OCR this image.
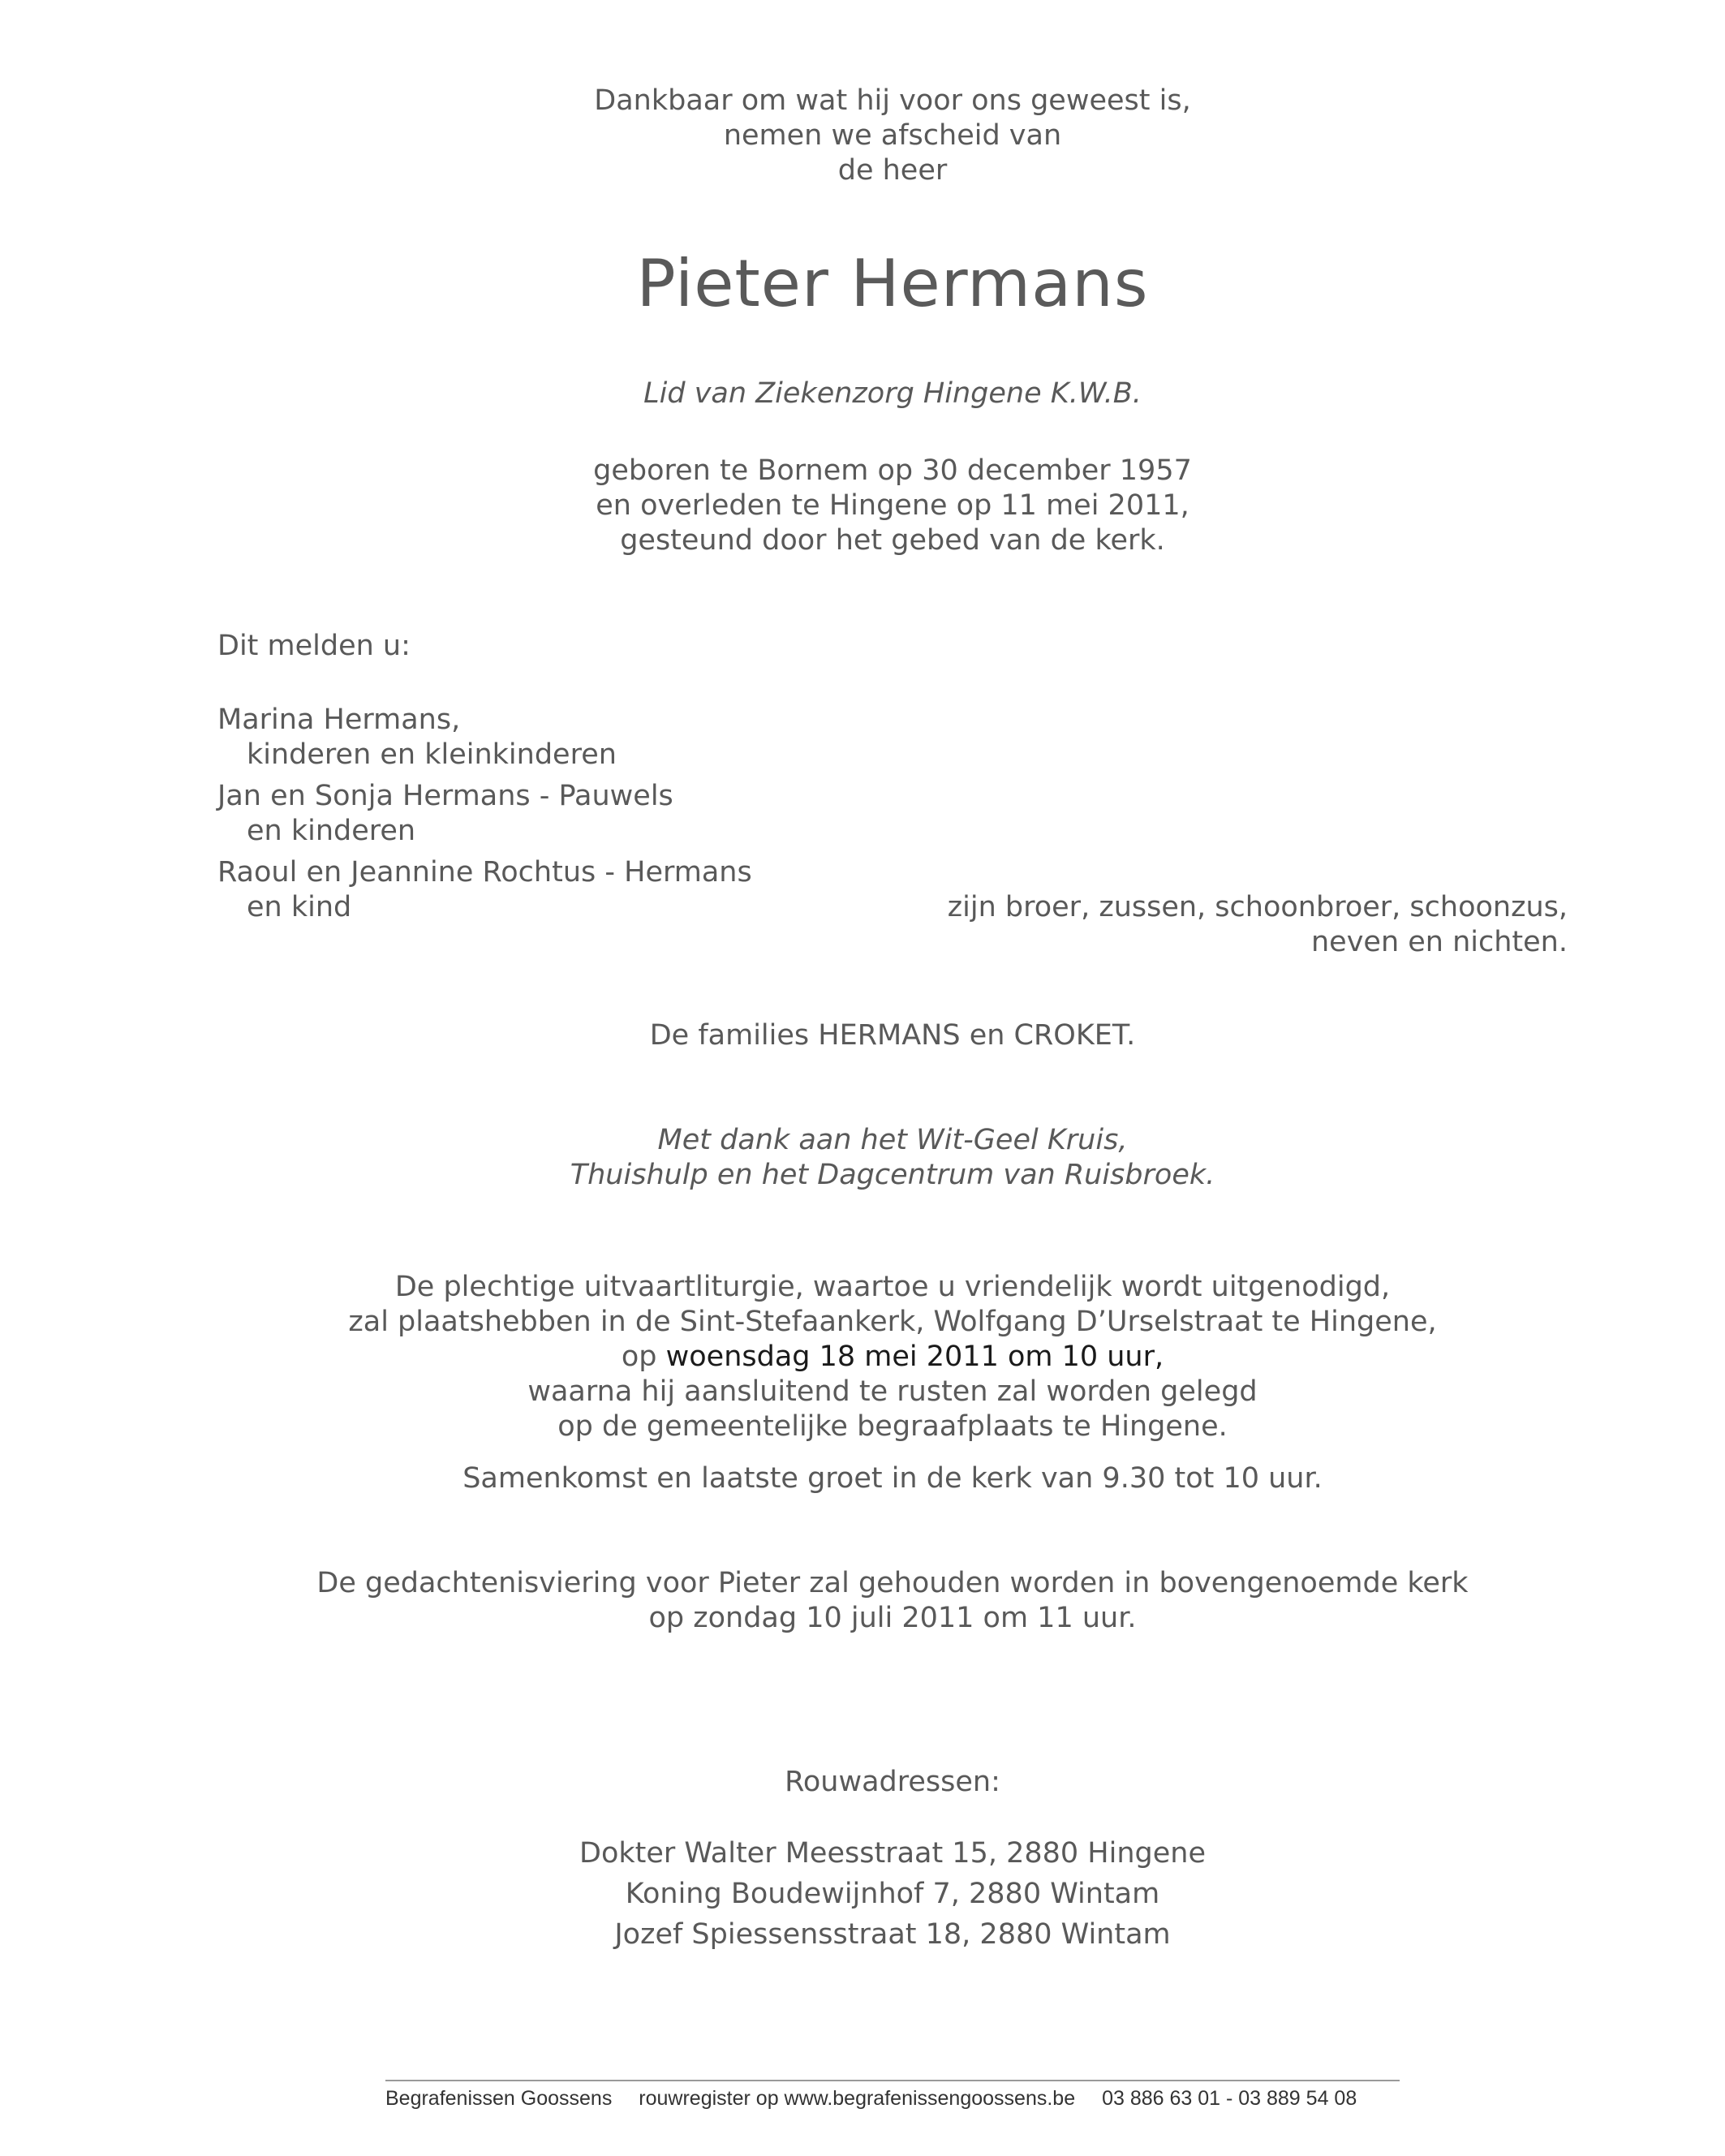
Dankbaar om wat hij voor ons geweest is,
nemen we afscheid van
de heer
Pieter Hermans
Lid van Ziekenzorg Hingene K.W.B.
geboren te Bornem op 30 december 1957
en overleden te Hingene op 11 mei 2011,
gesteund door het gebed van de kerk.
Dit melden u:
Marina Hermans,
kinderen en kleinkinderen
Jan en Sonja Hermans - Pauwels
en kinderen
Raoul en Jeannine Rochtus - Hermans
en kind	zijn broer, zussen, schoonbroer, schoonzus,
neven en nichten.
De families HERMANS en CROKET.
Met dank aan het Wit-Geel Kruis,
Thuishulp en het Dagcentrum van Ruisbroek.
De plechtige uitvaartliturgie, waartoe u vriendelijk wordt uitgenodigd,
zal plaatshebben in de Sint-Stefaankerk, Wolfgang D’Urselstraat te Hingene,
op woensdag 18 mei 2011 om 10 uur,
waarna hij aansluitend te rusten zal worden gelegd
op de gemeentelijke begraafplaats te Hingene.
Samenkomst en laatste groet in de kerk van 9.30 tot 10 uur.
De gedachtenisviering voor Pieter zal gehouden worden in bovengenoemde kerk
op zondag 10 juli 2011 om 11 uur.
Rouwadressen:
Dokter Walter Meesstraat 15, 2880 Hingene
Koning Boudewijnhof 7, 2880 Wintam
Jozef Spiessensstraat 18, 2880 Wintam
Begrafenissen Goossens rouwregister op www.begrafenissengoossens.be 03 886 63 01 - 03 889 54 08
